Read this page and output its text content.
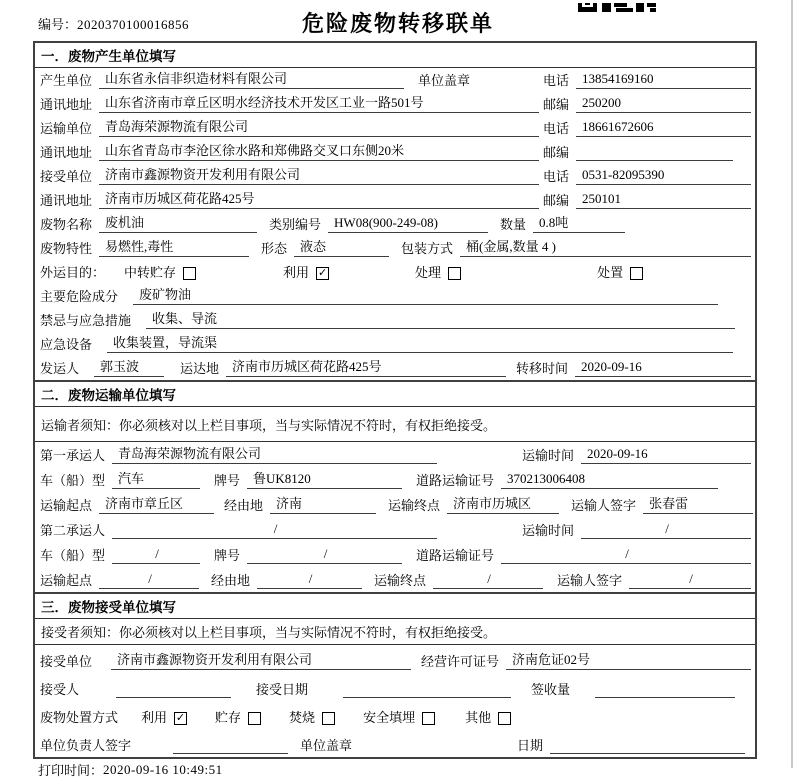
编号：2020370100016856	危险废物转移联单
一．废物产生单位填写
产生单位	山东省永信非织造材料有限公司	单位盖章	电话	13854169160
通讯地址	山东省济南市章丘区明水经济技术开发区工业一路501号	邮编	250200
运输单位	青岛海荣源物流有限公司	电话	18661672606
通讯地址	山东省青岛市李沧区徐水路和郑佛路交叉口东侧20米	邮编
接受单位	济南市鑫源物资开发利用有限公司	电话	0531-82095390
通讯地址	济南市历城区荷花路425号	邮编	250101
废物名称	废机油	类别编号	HW08(900-249-08)	数量	0.8吨
废物特性	易燃性,毒性	形态	液态	包装方式	桶(金属,数量 4 )
外运目的： 中转贮存	利用 ✓	处理	处置
主要危险成分	废矿物油
禁忌与应急措施	收集、导流
应急设备	收集装置，导流渠
发运人	郭玉波	运达地	济南市历城区荷花路425号	转移时间	2020-09-16
二．废物运输单位填写
运输者须知：你必须核对以上栏目事项，当与实际情况不符时，有权拒绝接受。
第一承运人	青岛海荣源物流有限公司	运输时间	2020-09-16
车（船）型	汽车	牌号	鲁UK8120	道路运输证号	370213006408
运输起点	济南市章丘区	经由地	济南	运输终点	济南市历城区	运输人签字	张春雷
第二承运人	/	运输时间	/
车（船）型	/	牌号	/	道路运输证号	/
运输起点	/	经由地	/	运输终点	/	运输人签字	/
三．废物接受单位填写
接受者须知：你必须核对以上栏目事项，当与实际情况不符时，有权拒绝接受。
接受单位	济南市鑫源物资开发利用有限公司	经营许可证号	济南危证02号
接受人	接受日期	签收量
废物处置方式 利用 ✓ 贮存	焚烧	安全填埋	其他
单位负责人签字	单位盖章	日期
打印时间： 2020-09-16 10:49:51
